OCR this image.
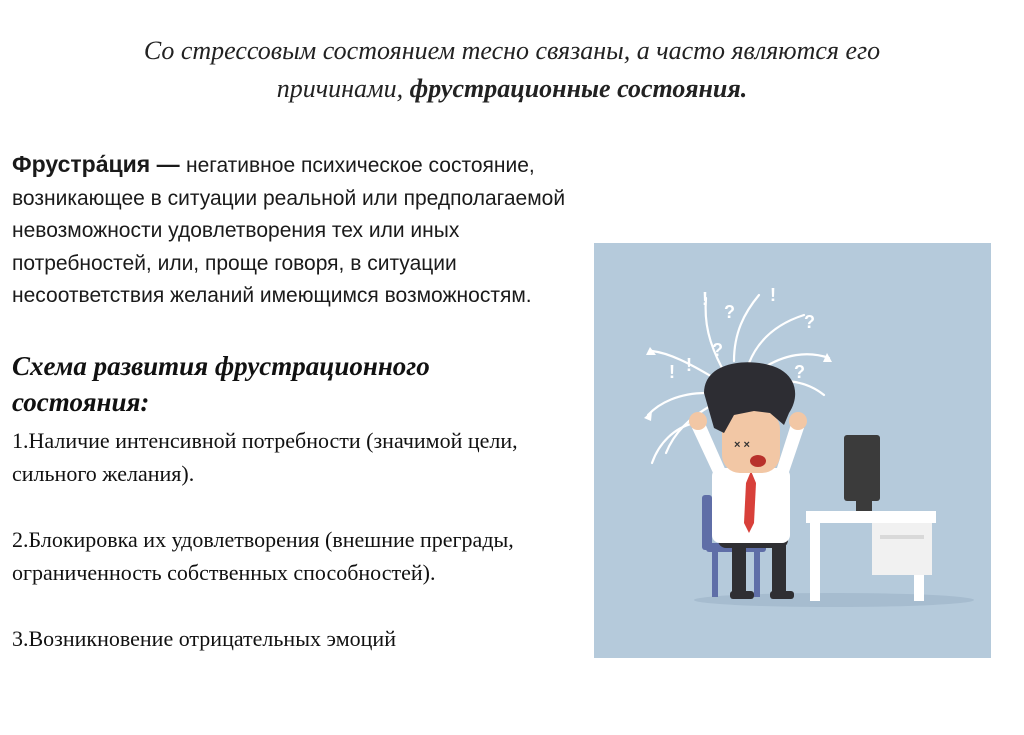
Со стрессовым состоянием тесно связаны, а часто являются его
причинами, фрустрационные состояния.
Фрустра́ция — негативное психическое состояние, возникающее в ситуации реальной или предполагаемой невозможности удовлетворения тех или иных потребностей, или, проще говоря, в ситуации несоответствия желаний имеющимся возможностям.
Схема развития фрустрационного состояния:

1.Наличие интенсивной потребности (значимой цели, сильного желания).

2.Блокировка их удовлетворения (внешние преграды, ограниченность собственных способностей).

3.Возникновение отрицательных эмоций

!
?
!
?
!
?
!	?
× ×
